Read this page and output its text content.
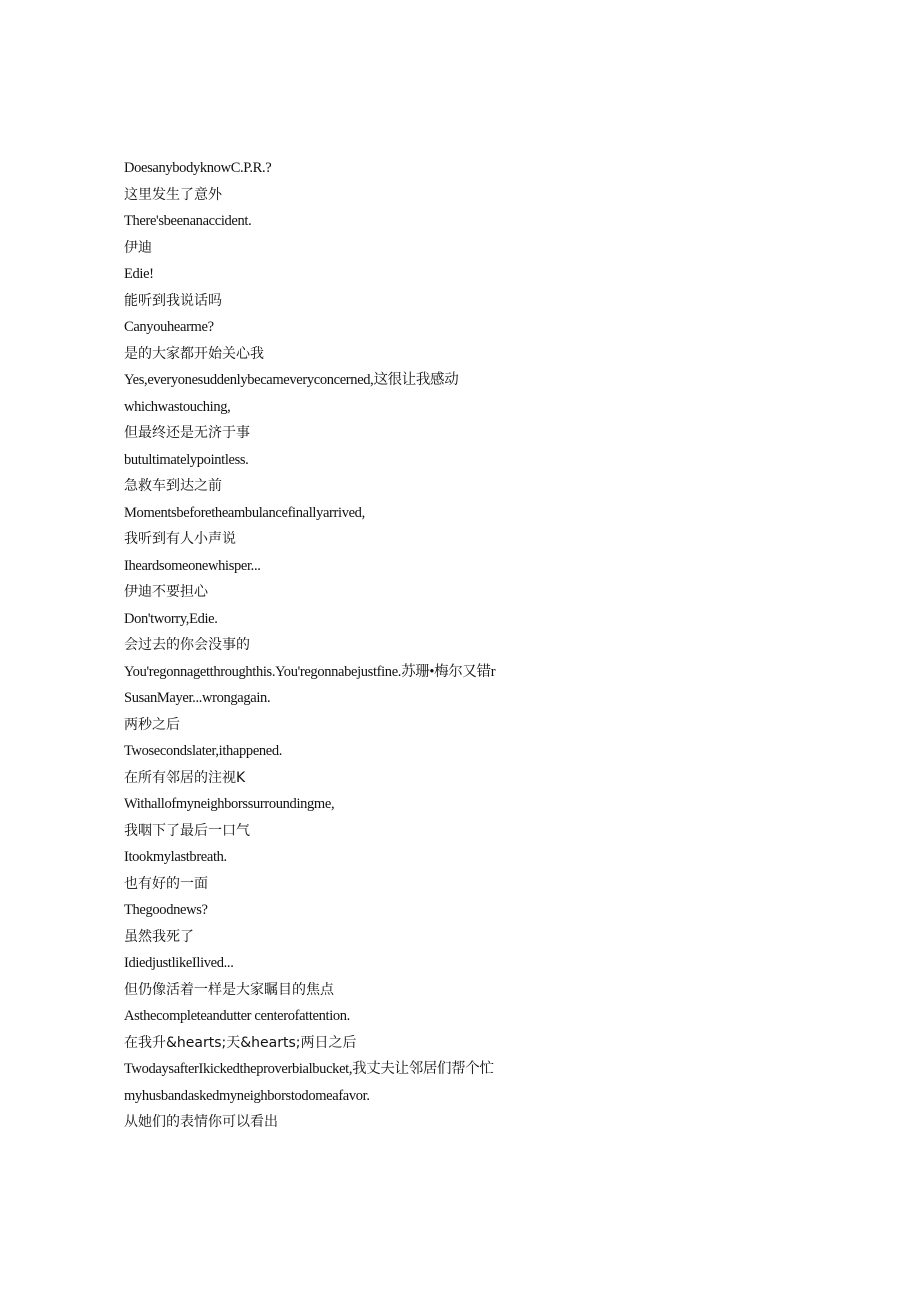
DoesanybodyknowC.P.R.?
这里发生了意外
There'sbeenanaccident.
伊迪
Edie!
能听到我说话吗
Canyouhearme?
是的大家都开始关心我
Yes,everyonesuddenlybecameveryconcerned,这很让我感动
whichwastouching,
但最终还是无济于事
butultimatelypointless.
急救车到达之前
Momentsbeforetheambulancefinallyarrived,
我听到有人小声说
Iheardsomeonewhisper...
伊迪不要担心
Don'tworry,Edie.
会过去的你会没事的
You'regonnagetthroughthis.You'regonnabejustfine.苏珊•梅尔又错r
SusanMayer...wrongagain.
两秒之后
Twosecondslater,ithappened.
在所有邻居的注视K
Withallofmyneighborssurroundingme,
我咽下了最后一口气
Itookmylastbreath.
也有好的一面
Thegoodnews?
虽然我死了
IdiedjustlikeIlived...
但仍像活着一样是大家瞩目的焦点
Asthecompleteandutter centerofattention.
在我升&hearts;天&hearts;两日之后
TwodaysafterIkickedtheproverbialbucket,我丈夫让邻居们帮个忙
myhusbandaskedmyneighborstodomeafavor.
从她们的表情你可以看出
